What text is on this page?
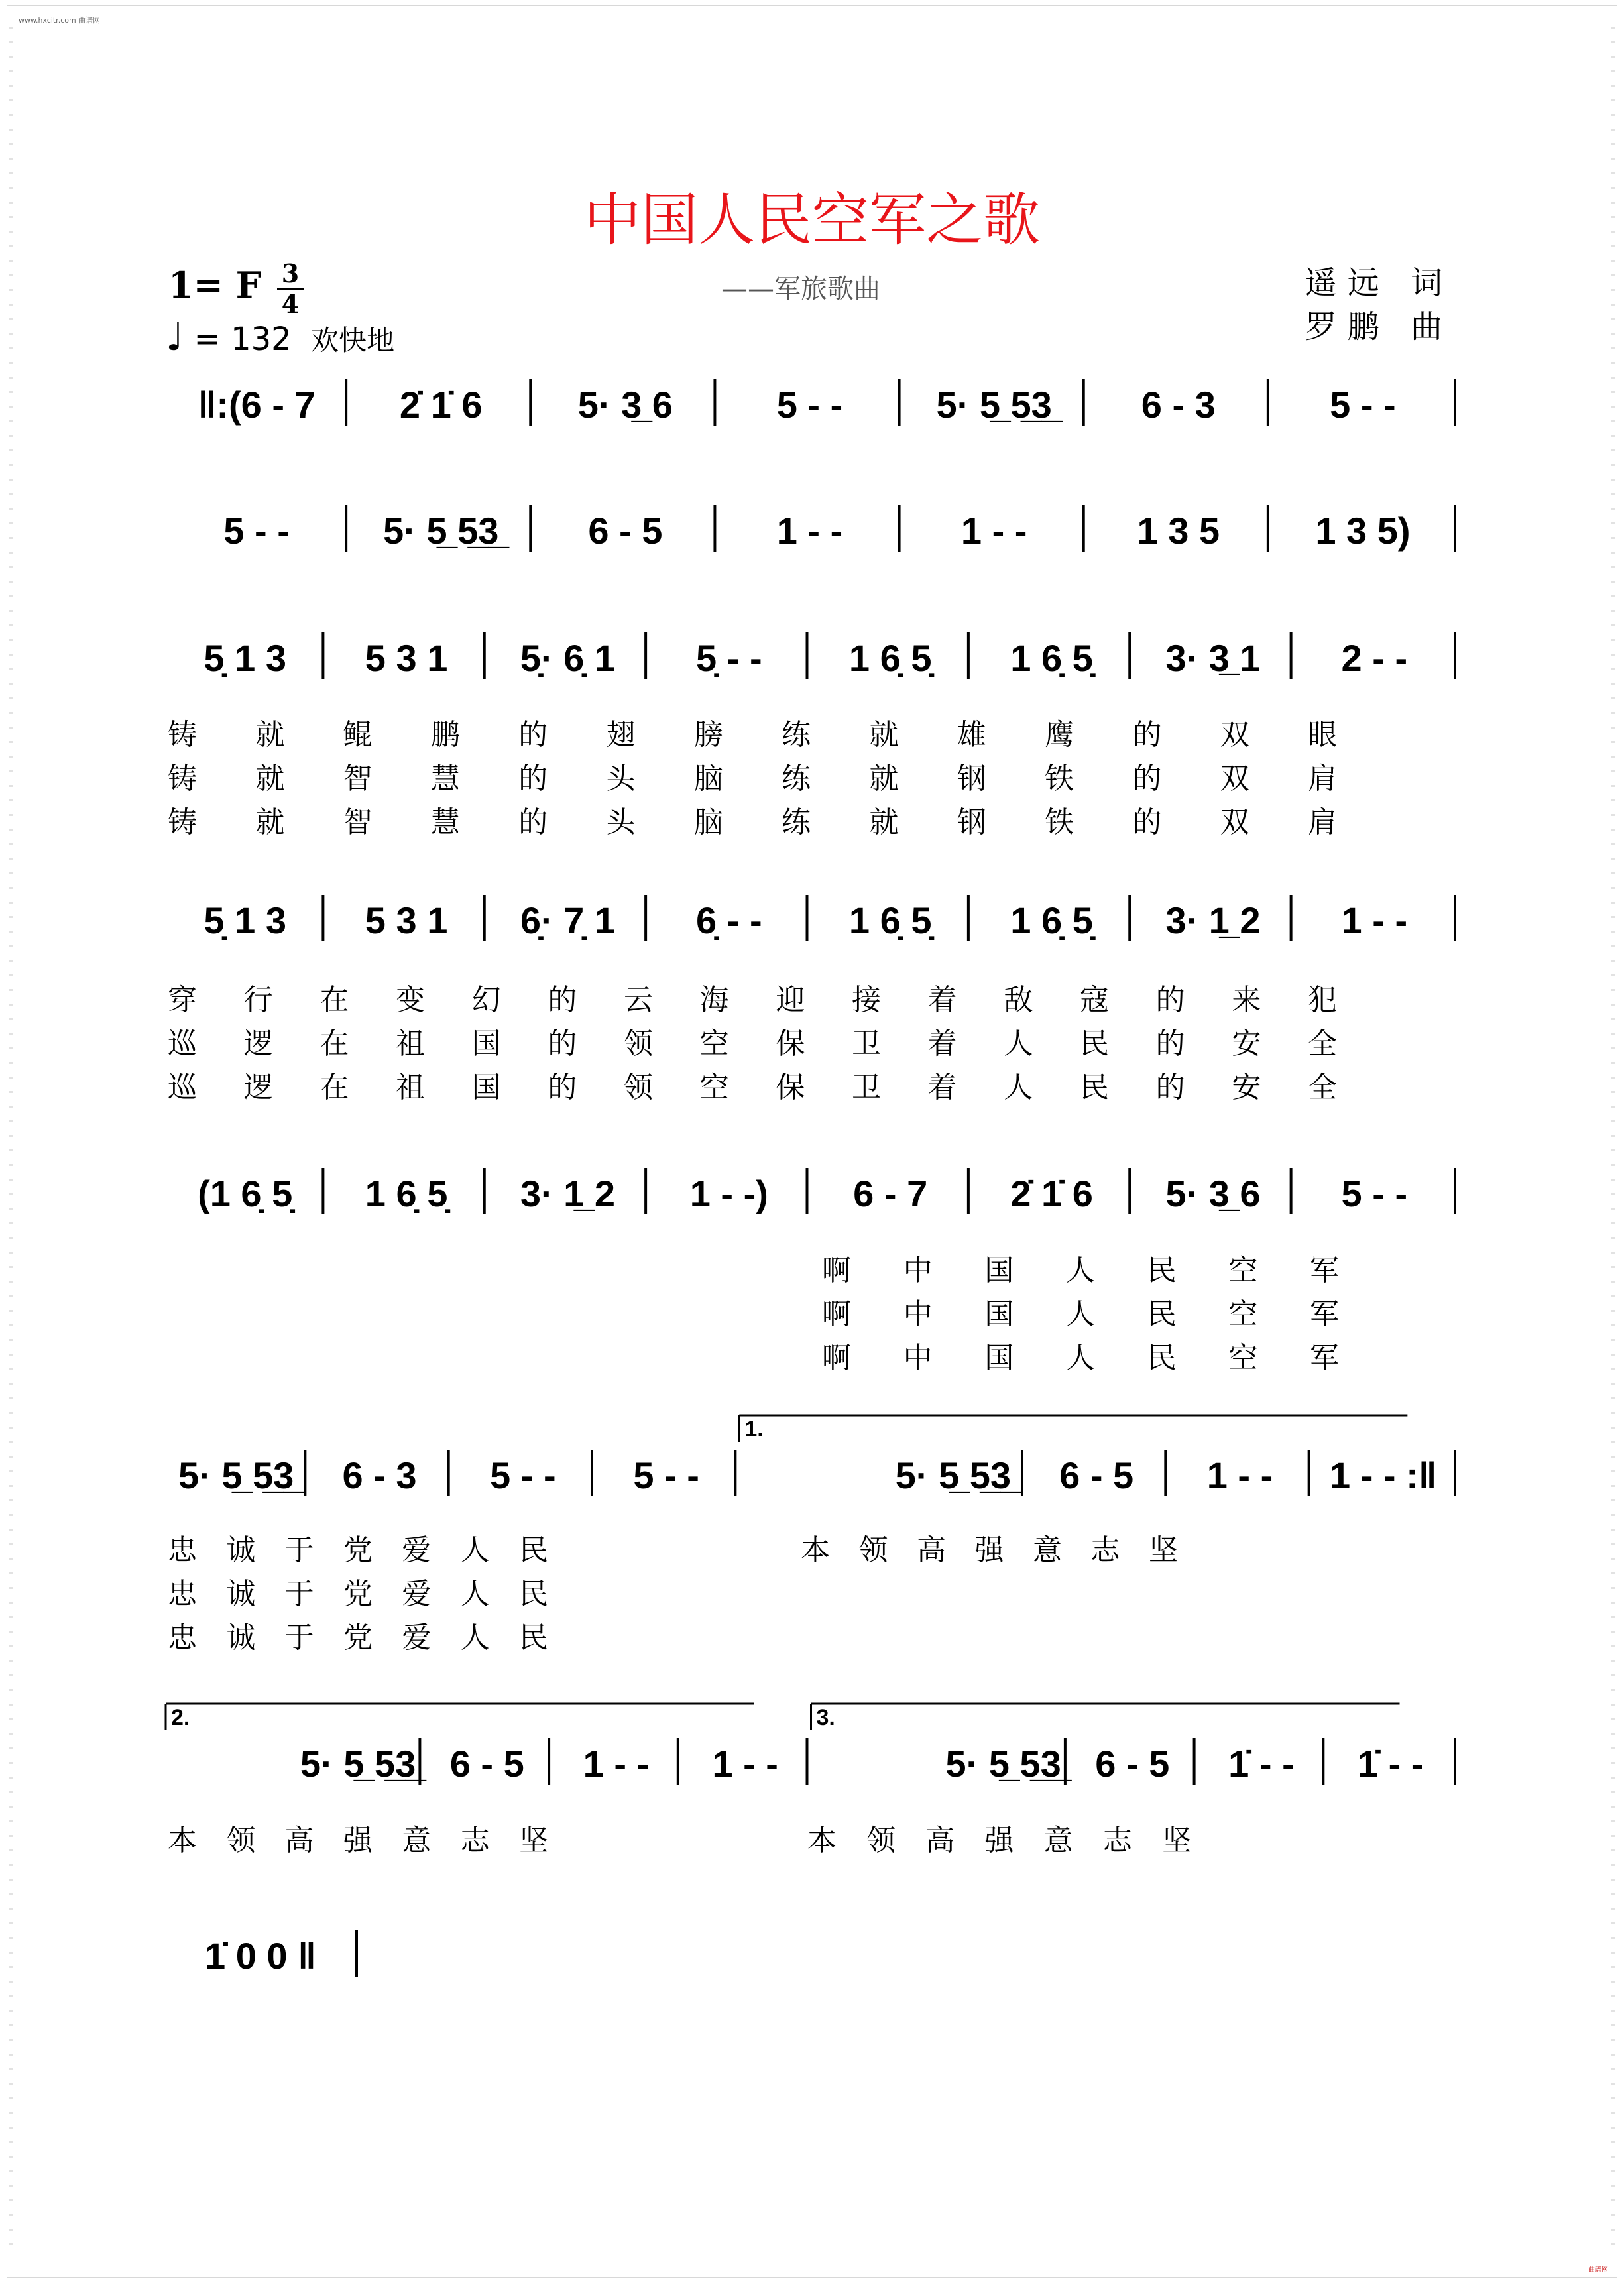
www.hxcitr.com 曲谱网
曲谱网
中国人民空军之歌
——军旅歌曲	遥远 词
罗鹏 曲
1= F 3
4
♩ = 132 欢快地
‖:(6 - 7 2̇ 1̇ 6	5· 3̲ 6	5 - -	5· 5̲ 5̲3̲	6 - 3	5 - -
5 - -	5· 5̲ 5̲3̲	6 - 5	1 - -	1 - -	1 3 5	1 3 5)
5̣ 1 3 5 3 1 5̣· 6̣ 1 5̣ - - 1 6̣ 5̣ 1 6̣ 5̣ 3· 3̲ 1 2 - -
5̣ 1 3 5 3 1 6̣· 7̣ 1 6̣ - - 1 6̣ 5̣ 1 6̣ 5̣ 3· 1̲ 2 1 - -
(1 6̣ 5̣ 1 6̣ 5̣ 3· 1̲ 2 1 - -) 6 - 7 2̇ 1̇ 6 5· 3̲ 6 5 - -
5· 5̲ 5̲3̲	6 - 3 5 - - 5 - -
1.
5· 5̲ 5̲3̲	6 - 5 1 - - 1 - - :‖
2.
5· 5̲ 5̲3̲ 6 - 5 1 - - 1 - -
3.
5· 5̲ 5̲3̲ 6 - 5 1̇ - - 1̇ - -
1̇ 0 0 ‖
铸 就 鲲 鹏 的 翅 膀 练 就 雄 鹰 的 双 眼
铸 就 智 慧 的 头 脑 练 就 钢 铁 的 双 肩
铸 就 智 慧 的 头 脑 练 就 钢 铁 的 双 肩
穿 行 在 变 幻 的 云 海 迎 接 着 敌 寇 的 来 犯
巡 逻 在 祖 国 的 领 空 保 卫 着 人 民 的 安 全
巡 逻 在 祖 国 的 领 空 保 卫 着 人 民 的 安 全
啊 中 国 人 民 空 军
啊 中 国 人 民 空 军
啊 中 国 人 民 空 军
忠 诚 于 党 爱 人 民
忠 诚 于 党 爱 人 民
忠 诚 于 党 爱 人 民
本 领 高 强 意 志 坚
本 领 高 强 意 志 坚	本 领 高 强 意 志 坚
